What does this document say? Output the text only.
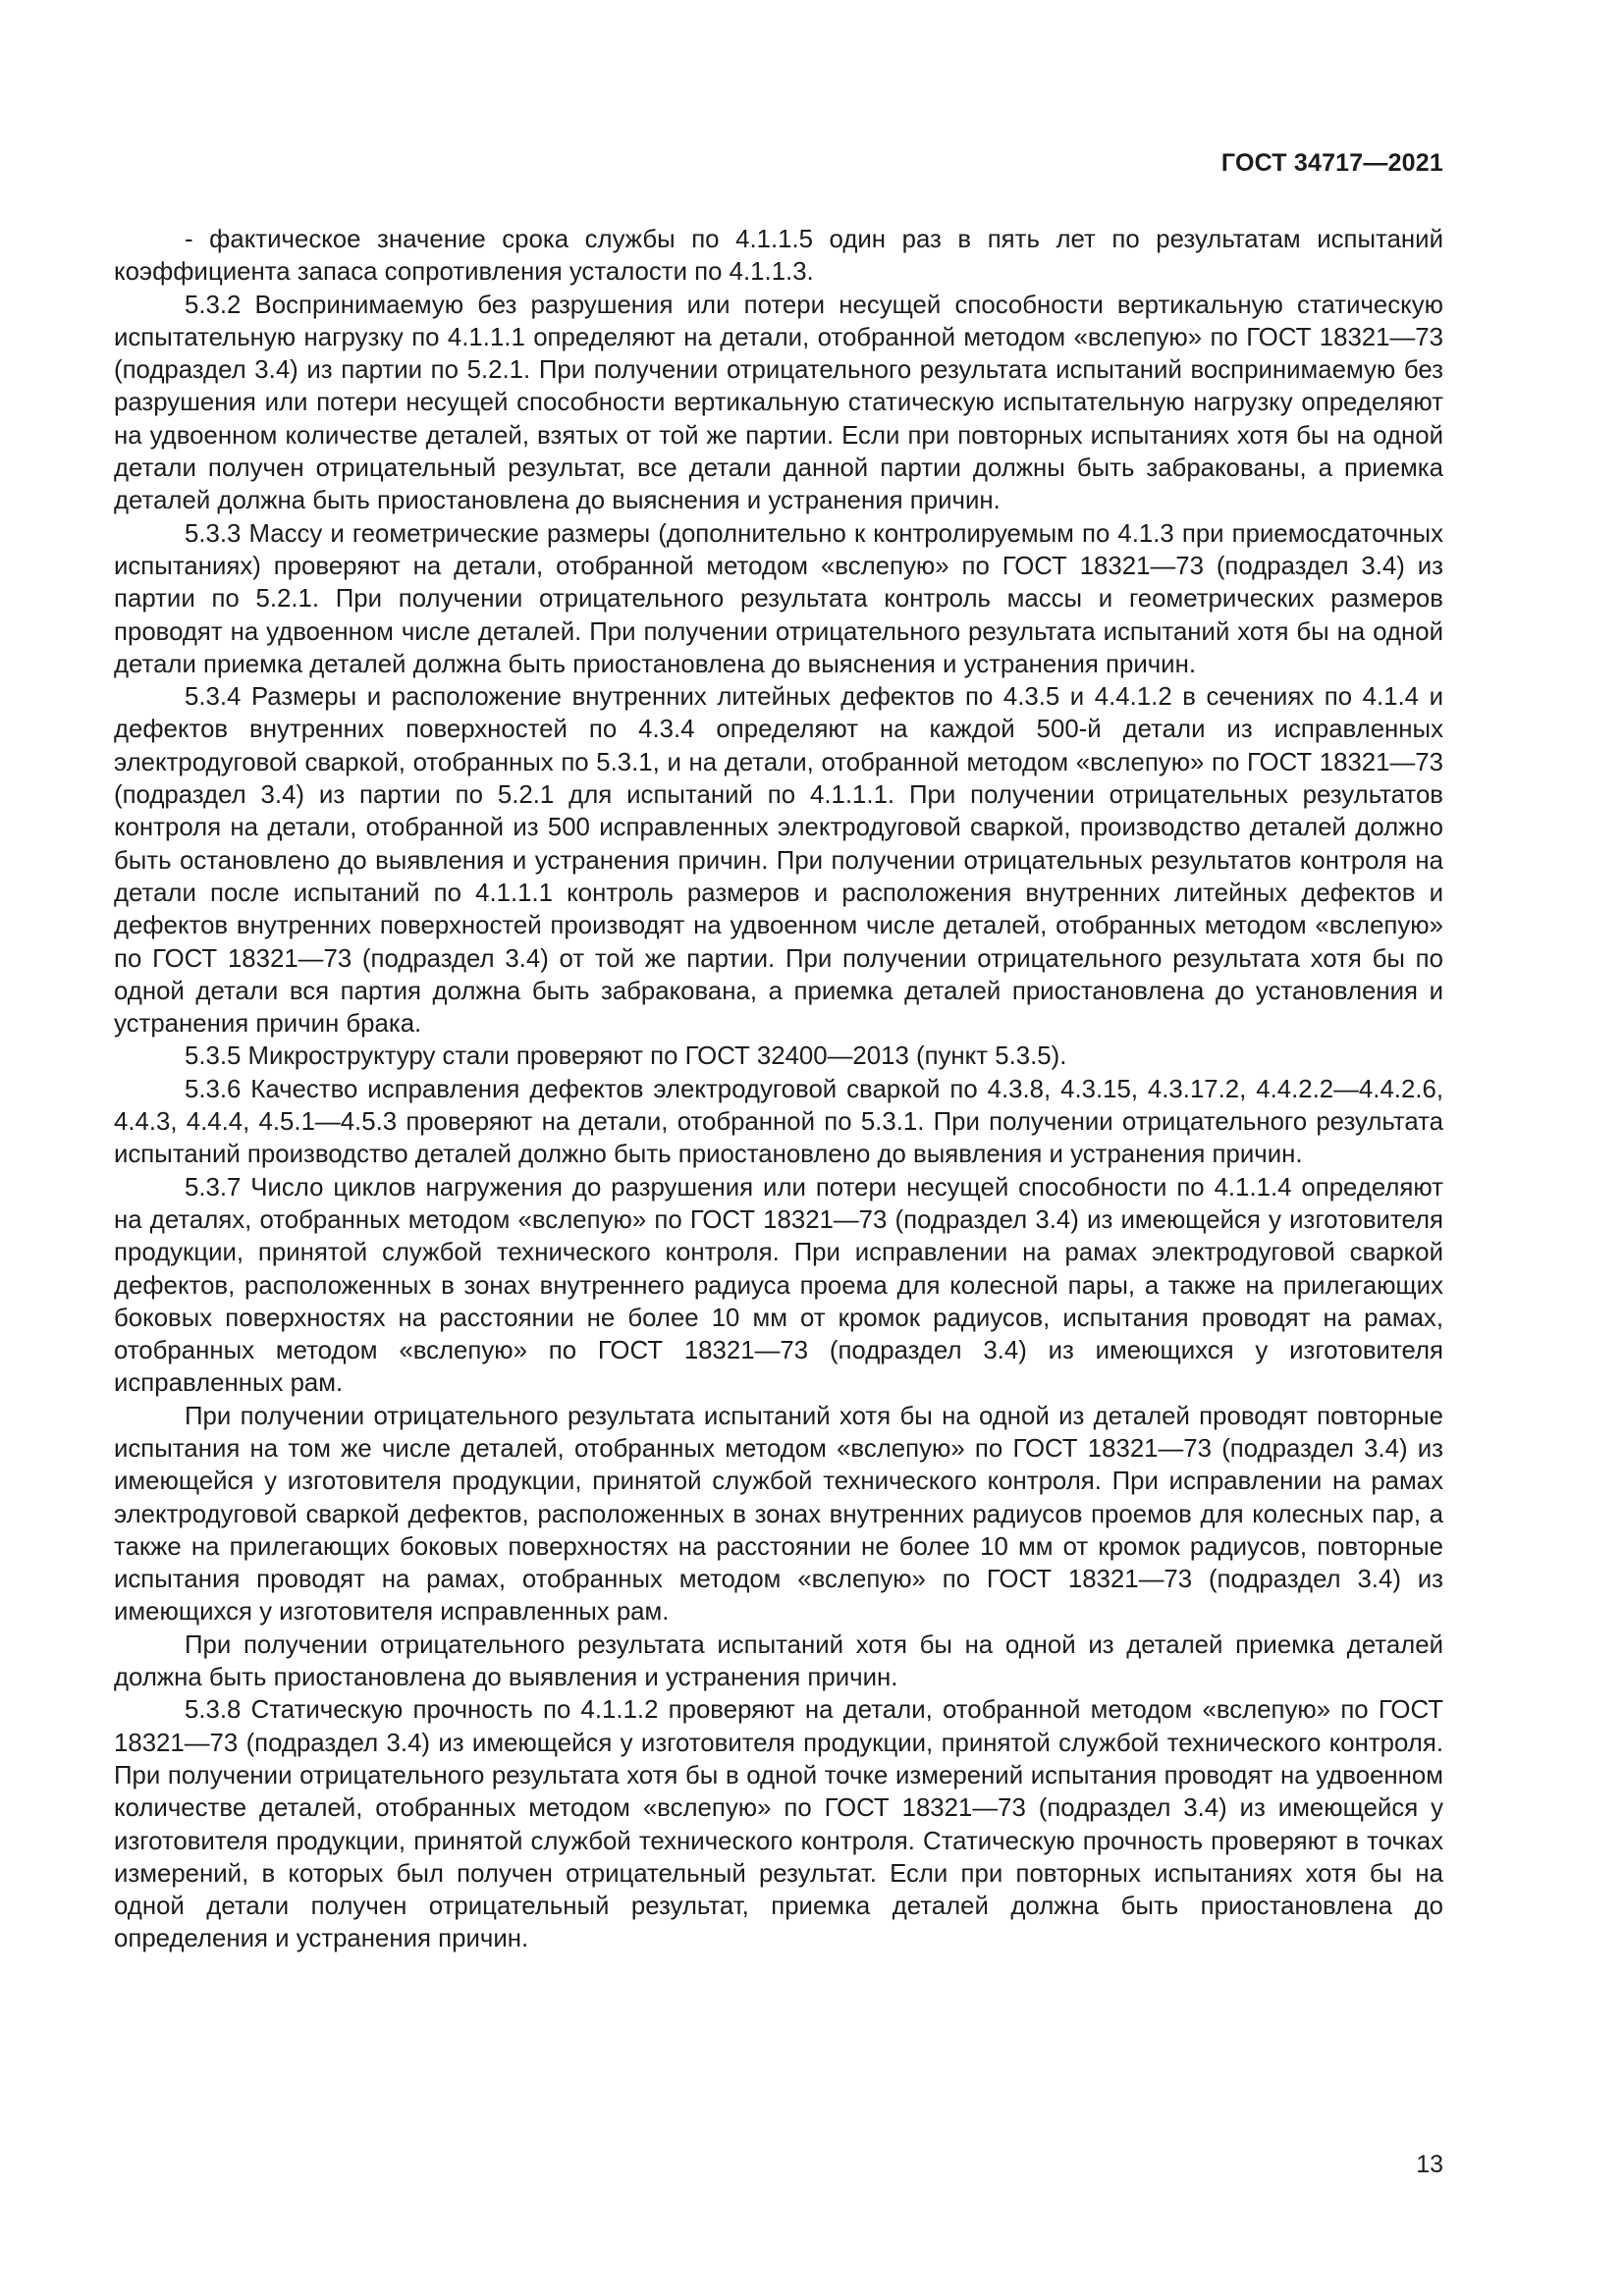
ГОСТ 34717—2021

- фактическое значение срока службы по 4.1.1.5 один раз в пять лет по результатам испытаний коэффициента запаса сопротивления усталости по 4.1.1.3.

5.3.2 Воспринимаемую без разрушения или потери несущей способности вертикальную статическую испытательную нагрузку по 4.1.1.1 определяют на детали, отобранной методом «вслепую» по ГОСТ 18321—73 (подраздел 3.4) из партии по 5.2.1. При получении отрицательного результата испытаний воспринимаемую без разрушения или потери несущей способности вертикальную статическую испытательную нагрузку определяют на удвоенном количестве деталей, взятых от той же партии. Если при повторных испытаниях хотя бы на одной детали получен отрицательный результат, все детали данной партии должны быть забракованы, а приемка деталей должна быть приостановлена до выяснения и устранения причин.

5.3.3 Массу и геометрические размеры (дополнительно к контролируемым по 4.1.3 при приемосдаточных испытаниях) проверяют на детали, отобранной методом «вслепую» по ГОСТ 18321—73 (подраздел 3.4) из партии по 5.2.1. При получении отрицательного результата контроль массы и геометрических размеров проводят на удвоенном числе деталей. При получении отрицательного результата испытаний хотя бы на одной детали приемка деталей должна быть приостановлена до выяснения и устранения причин.

5.3.4 Размеры и расположение внутренних литейных дефектов по 4.3.5 и 4.4.1.2 в сечениях по 4.1.4 и дефектов внутренних поверхностей по 4.3.4 определяют на каждой 500-й детали из исправленных электродуговой сваркой, отобранных по 5.3.1, и на детали, отобранной методом «вслепую» по ГОСТ 18321—73 (подраздел 3.4) из партии по 5.2.1 для испытаний по 4.1.1.1. При получении отрицательных результатов контроля на детали, отобранной из 500 исправленных электродуговой сваркой, производство деталей должно быть остановлено до выявления и устранения причин. При получении отрицательных результатов контроля на детали после испытаний по 4.1.1.1 контроль размеров и расположения внутренних литейных дефектов и дефектов внутренних поверхностей производят на удвоенном числе деталей, отобранных методом «вслепую» по ГОСТ 18321—73 (подраздел 3.4) от той же партии. При получении отрицательного результата хотя бы по одной детали вся партия должна быть забракована, а приемка деталей приостановлена до установления и устранения причин брака.

5.3.5 Микроструктуру стали проверяют по ГОСТ 32400—2013 (пункт 5.3.5).

5.3.6 Качество исправления дефектов электродуговой сваркой по 4.3.8, 4.3.15, 4.3.17.2, 4.4.2.2—4.4.2.6, 4.4.3, 4.4.4, 4.5.1—4.5.3 проверяют на детали, отобранной по 5.3.1. При получении отрицательного результата испытаний производство деталей должно быть приостановлено до выявления и устранения причин.

5.3.7 Число циклов нагружения до разрушения или потери несущей способности по 4.1.1.4 определяют на деталях, отобранных методом «вслепую» по ГОСТ 18321—73 (подраздел 3.4) из имеющейся у изготовителя продукции, принятой службой технического контроля. При исправлении на рамах электродуговой сваркой дефектов, расположенных в зонах внутреннего радиуса проема для колесной пары, а также на прилегающих боковых поверхностях на расстоянии не более 10 мм от кромок радиусов, испытания проводят на рамах, отобранных методом «вслепую» по ГОСТ 18321—73 (подраздел 3.4) из имеющихся у изготовителя исправленных рам.

При получении отрицательного результата испытаний хотя бы на одной из деталей проводят повторные испытания на том же числе деталей, отобранных методом «вслепую» по ГОСТ 18321—73 (подраздел 3.4) из имеющейся у изготовителя продукции, принятой службой технического контроля. При исправлении на рамах электродуговой сваркой дефектов, расположенных в зонах внутренних радиусов проемов для колесных пар, а также на прилегающих боковых поверхностях на расстоянии не более 10 мм от кромок радиусов, повторные испытания проводят на рамах, отобранных методом «вслепую» по ГОСТ 18321—73 (подраздел 3.4) из имеющихся у изготовителя исправленных рам.

При получении отрицательного результата испытаний хотя бы на одной из деталей приемка деталей должна быть приостановлена до выявления и устранения причин.

5.3.8 Статическую прочность по 4.1.1.2 проверяют на детали, отобранной методом «вслепую» по ГОСТ 18321—73 (подраздел 3.4) из имеющейся у изготовителя продукции, принятой службой технического контроля. При получении отрицательного результата хотя бы в одной точке измерений испытания проводят на удвоенном количестве деталей, отобранных методом «вслепую» по ГОСТ 18321—73 (подраздел 3.4) из имеющейся у изготовителя продукции, принятой службой технического контроля. Статическую прочность проверяют в точках измерений, в которых был получен отрицательный результат. Если при повторных испытаниях хотя бы на одной детали получен отрицательный результат, приемка деталей должна быть приостановлена до определения и устранения причин.

13
